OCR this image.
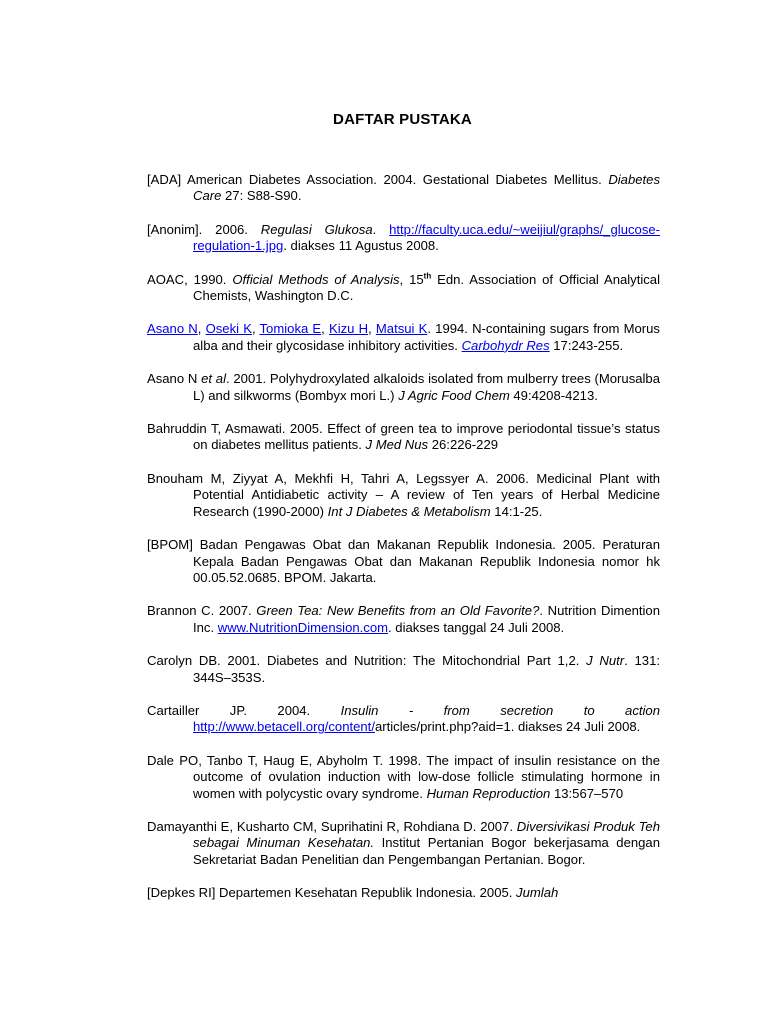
DAFTAR PUSTAKA

[ADA] American Diabetes Association. 2004. Gestational Diabetes Mellitus. Diabetes Care 27: S88-S90.

[Anonim]. 2006. Regulasi Glukosa. http://faculty.uca.edu/~weijiul/graphs/_glucose-regulation-1.jpg. diakses 11 Agustus 2008.

AOAC, 1990. Official Methods of Analysis, 15th Edn. Association of Official Analytical Chemists, Washington D.C.

Asano N, Oseki K, Tomioka E, Kizu H, Matsui K. 1994. N-containing sugars from Morus alba and their glycosidase inhibitory activities. Carbohydr Res 17:243-255.

Asano N et al. 2001. Polyhydroxylated alkaloids isolated from mulberry trees (Morusalba L) and silkworms (Bombyx mori L.) J Agric Food Chem 49:4208-4213.

Bahruddin T, Asmawati. 2005. Effect of green tea to improve periodontal tissue’s status on diabetes mellitus patients. J Med Nus 26:226-229

Bnouham M, Ziyyat A, Mekhfi H, Tahri A, Legssyer A. 2006. Medicinal Plant with Potential Antidiabetic activity – A review of Ten years of Herbal Medicine Research (1990-2000) Int J Diabetes & Metabolism 14:1-25.

[BPOM] Badan Pengawas Obat dan Makanan Republik Indonesia. 2005. Peraturan Kepala Badan Pengawas Obat dan Makanan Republik Indonesia nomor hk 00.05.52.0685. BPOM. Jakarta.

Brannon C. 2007. Green Tea: New Benefits from an Old Favorite?. Nutrition Dimention Inc. www.NutritionDimension.com. diakses tanggal 24 Juli 2008.

Carolyn DB. 2001. Diabetes and Nutrition: The Mitochondrial Part 1,2. J Nutr. 131: 344S–353S.

Cartailler JP. 2004. Insulin - from secretion to action http://www.betacell.org/content/articles/print.php?aid=1. diakses 24 Juli 2008.

Dale PO, Tanbo T, Haug E, Abyholm T. 1998. The impact of insulin resistance on the outcome of ovulation induction with low-dose follicle stimulating hormone in women with polycystic ovary syndrome. Human Reproduction 13:567–570

Damayanthi E, Kusharto CM, Suprihatini R, Rohdiana D. 2007. Diversivikasi Produk Teh sebagai Minuman Kesehatan. Institut Pertanian Bogor bekerjasama dengan Sekretariat Badan Penelitian dan Pengembangan Pertanian. Bogor.

[Depkes RI] Departemen Kesehatan Republik Indonesia. 2005. Jumlah
